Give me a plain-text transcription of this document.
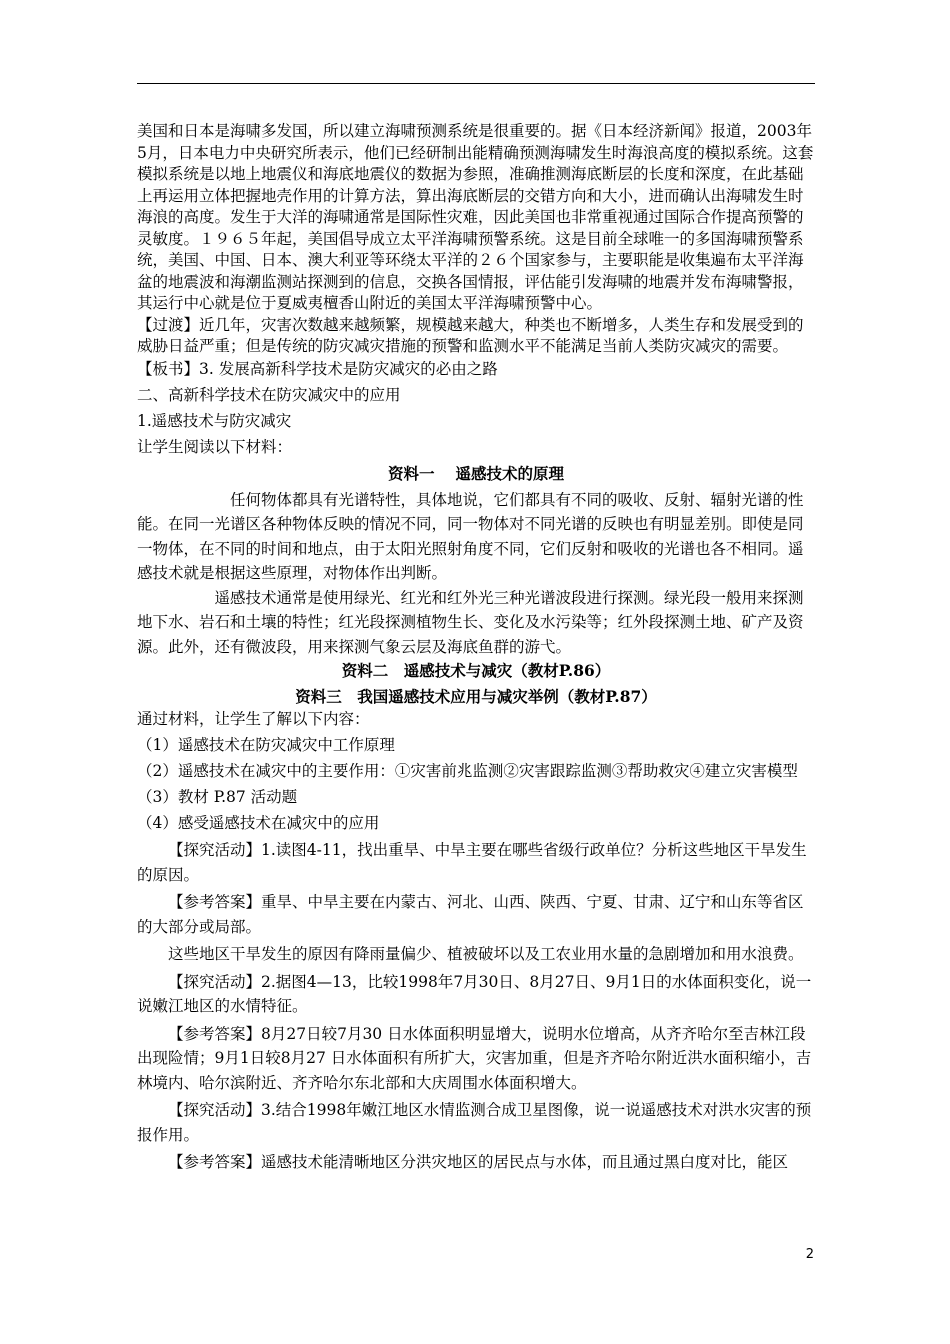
美国和日本是海啸多发国，所以建立海啸预测系统是很重要的。据《日本经济新闻》报道，2003年5月，日本电力中央研究所表示，他们已经研制出能精确预测海啸发生时海浪高度的模拟系统。这套模拟系统是以地上地震仪和海底地震仪的数据为参照，准确推测海底断层的长度和深度，在此基础上再运用立体把握地壳作用的计算方法，算出海底断层的交错方向和大小，进而确认出海啸发生时海浪的高度。发生于大洋的海啸通常是国际性灾难，因此美国也非常重视通过国际合作提高预警的灵敏度。１９６５年起，美国倡导成立太平洋海啸预警系统。这是目前全球唯一的多国海啸预警系统，美国、中国、日本、澳大利亚等环绕太平洋的２６个国家参与，主要职能是收集遍布太平洋海盆的地震波和海潮监测站探测到的信息，交换各国情报，评估能引发海啸的地震并发布海啸警报，其运行中心就是位于夏威夷檀香山附近的美国太平洋海啸预警中心。

【过渡】近几年，灾害次数越来越频繁，规模越来越大，种类也不断增多，人类生存和发展受到的威胁日益严重；但是传统的防灾减灾措施的预警和监测水平不能满足当前人类防灾减灾的需要。

【板书】3. 发展高新科学技术是防灾减灾的必由之路

二、高新科学技术在防灾减灾中的应用

1.遥感技术与防灾减灾

让学生阅读以下材料：

资料一　 遥感技术的原理

任何物体都具有光谱特性，具体地说，它们都具有不同的吸收、反射、辐射光谱的性能。在同一光谱区各种物体反映的情况不同，同一物体对不同光谱的反映也有明显差别。即使是同一物体，在不同的时间和地点，由于太阳光照射角度不同，它们反射和吸收的光谱也各不相同。遥感技术就是根据这些原理，对物体作出判断。

遥感技术通常是使用绿光、红光和红外光三种光谱波段进行探测。绿光段一般用来探测地下水、岩石和土壤的特性；红光段探测植物生长、变化及水污染等；红外段探测土地、矿产及资源。此外，还有微波段，用来探测气象云层及海底鱼群的游弋。

资料二　遥感技术与减灾（教材P.86）

资料三　我国遥感技术应用与减灾举例（教材P.87）

通过材料，让学生了解以下内容：

（1）遥感技术在防灾减灾中工作原理

（2）遥感技术在减灾中的主要作用：①灾害前兆监测②灾害跟踪监测③帮助救灾④建立灾害模型

（3）教材 P.87 活动题

（4）感受遥感技术在减灾中的应用

【探究活动】1.读图4-11，找出重旱、中旱主要在哪些省级行政单位？分析这些地区干旱发生的原因。

【参考答案】重旱、中旱主要在内蒙古、河北、山西、陕西、宁夏、甘肃、辽宁和山东等省区的大部分或局部。

这些地区干旱发生的原因有降雨量偏少、植被破坏以及工农业用水量的急剧增加和用水浪费。

【探究活动】2.据图4—13，比较1998年7月30日、8月27日、9月1日的水体面积变化，说一说嫩江地区的水情特征。

【参考答案】8月27日较7月30 日水体面积明显增大，说明水位增高，从齐齐哈尔至吉林江段出现险情；9月1日较8月27 日水体面积有所扩大，灾害加重，但是齐齐哈尔附近洪水面积缩小，吉林境内、哈尔滨附近、齐齐哈尔东北部和大庆周围水体面积增大。

【探究活动】3.结合1998年嫩江地区水情监测合成卫星图像，说一说遥感技术对洪水灾害的预报作用。

【参考答案】遥感技术能清晰地区分洪灾地区的居民点与水体，而且通过黑白度对比，能区

2
